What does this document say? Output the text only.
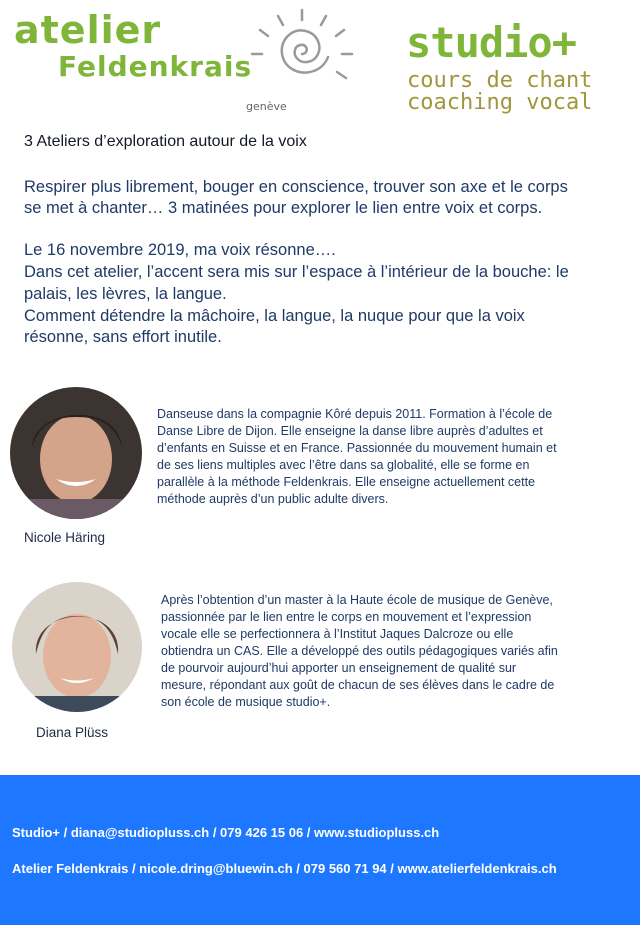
atelier
Feldenkrais
genève
studio+
cours de chant
coaching vocal
3 Ateliers d’exploration autour de la voix
Respirer plus librement, bouger en conscience, trouver son axe et le corps
se met à chanter… 3 matinées pour explorer le lien entre voix et corps.
Le 16 novembre 2019, ma voix résonne….
Dans cet atelier, l’accent sera mis sur l’espace à l’intérieur de la bouche: le
palais, les lèvres, la langue.
Comment détendre la mâchoire, la langue, la nuque pour que la voix
résonne, sans effort inutile.
Nicole Häring
Danseuse dans la compagnie Kôré depuis 2011. Formation à l’école de
Danse Libre de Dijon. Elle enseigne la danse libre auprès d’adultes et
d’enfants en Suisse et en France. Passionnée du mouvement humain et
de ses liens multiples avec l’être dans sa globalité, elle se forme en
parallèle à la méthode Feldenkrais. Elle enseigne actuellement cette
méthode auprès d’un public adulte divers.
Diana Plüss
Après l’obtention d’un master à la Haute école de musique de Genève,
passionnée par le lien entre le corps en mouvement et l’expression
vocale elle se perfectionnera à l’Institut Jaques Dalcroze ou elle
obtiendra un CAS. Elle a développé des outils pédagogiques variés afin
de pourvoir aujourd’hui apporter un enseignement de qualité sur
mesure, répondant aux goût de chacun de ses élèves dans le cadre de
son école de musique studio+.
Studio+ / diana@studiopluss.ch / 079 426 15 06 / www.studiopluss.ch
Atelier Feldenkrais / nicole.dring@bluewin.ch / 079 560 71 94 / www.atelierfeldenkrais.ch
